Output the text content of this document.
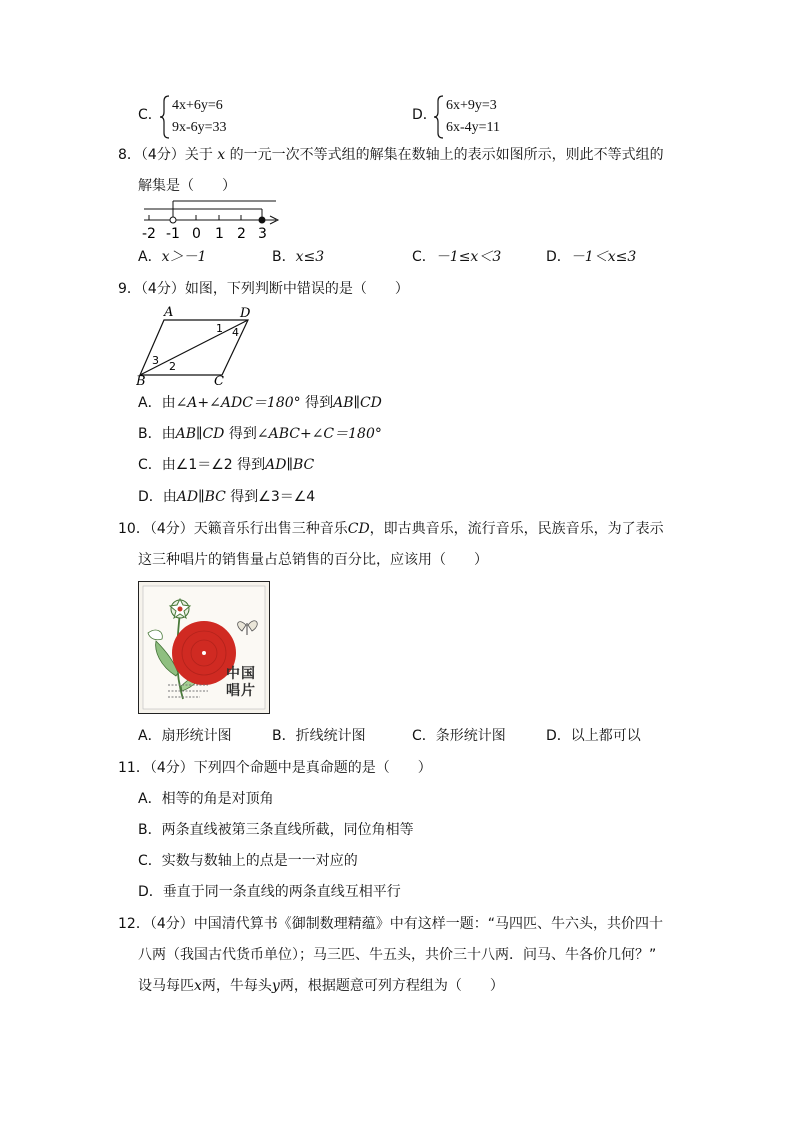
C．
4x+6y=6
9x-6y=33
D．
6x+9y=3
6x-4y=11
8．（4分）关于 x 的一元一次不等式组的解集在数轴上的表示如图所示，则此不等式组的
解集是（　　）
-2 -1 0 1 2 3
A．x＞－1	B．x≤3	C．－1≤x＜3	D．－1＜x≤3
9．（4分）如图，下列判断中错误的是（　　）
A	D
B	C
1
2
3
4
A．由∠A+∠ADC＝180° 得到AB∥CD
B．由AB∥CD 得到∠ABC+∠C＝180°
C．由∠1＝∠2 得到AD∥BC
D．由AD∥BC 得到∠3＝∠4
10．（4分）天籁音乐行出售三种音乐CD，即古典音乐，流行音乐，民族音乐，为了表示
这三种唱片的销售量占总销售的百分比，应该用（　　）
中国
唱片
A．扇形统计图	B．折线统计图	C．条形统计图	D．以上都可以
11．（4分）下列四个命题中是真命题的是（　　）
A．相等的角是对顶角
B．两条直线被第三条直线所截，同位角相等
C．实数与数轴上的点是一一对应的
D．垂直于同一条直线的两条直线互相平行
12．（4分）中国清代算书《御制数理精蕴》中有这样一题：“马四匹、牛六头，共价四十
八两（我国古代货币单位）；马三匹、牛五头，共价三十八两．问马、牛各价几何？”
设马每匹x两，牛每头y两，根据题意可列方程组为（　　）
